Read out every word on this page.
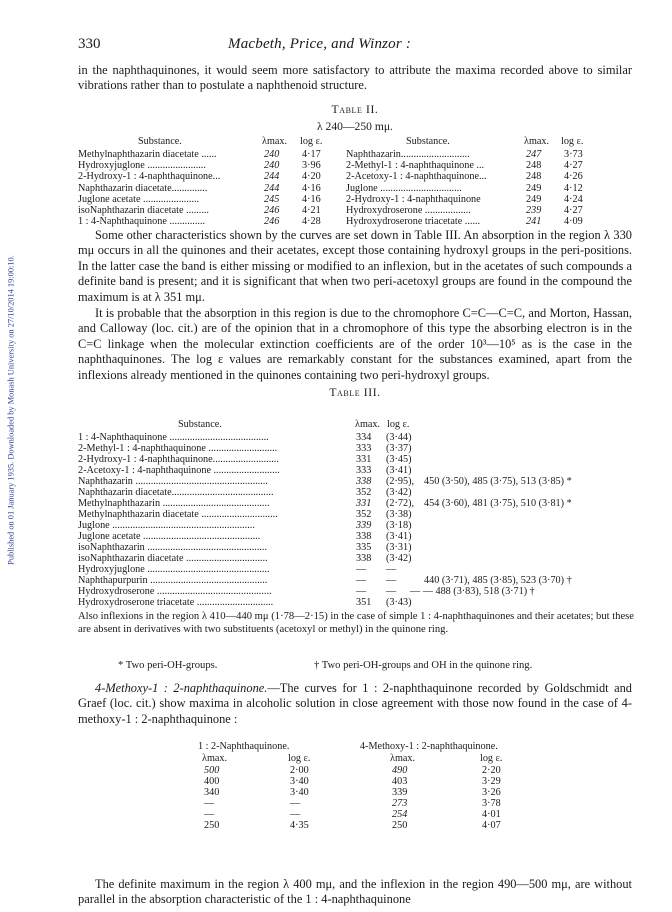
Published on 01 January 1935. Downloaded by Monash University on 27/10/2014 19:00:10.
330	Macbeth, Price, and Winzor :
in the naphthaquinones, it would seem more satisfactory to attribute the maxima recorded above to similar vibrations rather than to postulate a naphthenoid structure.
Table II.
λ 240—250 mμ.
Substance.	λmax. log ε.	Substance.	λmax. log ε.
Methylnaphthazarin diacetate ......	240 4·17 Naphthazarin...........................	247 3·73
Hydroxyjuglone .......................	240 3·96 2-Methyl-1 : 4-naphthaquinone ...	248 4·27
2-Hydroxy-1 : 4-naphthaquinone...	244 4·20 2-Acetoxy-1 : 4-naphthaquinone...	248 4·26
Naphthazarin diacetate..............	244 4·16 Juglone ................................	249 4·12
Juglone acetate ......................	245 4·16 2-Hydroxy-1 : 4-naphthaquinone	249 4·24
isoNaphthazarin diacetate .........	246 4·21 Hydroxydroserone ..................	239 4·27
1 : 4-Naphthaquinone ..............	246 4·28 Hydroxydroserone triacetate ......	241 4·09
Some other characteristics shown by the curves are set down in Table III. An absorption in the region λ 330 mμ occurs in all the quinones and their acetates, except those containing hydroxyl groups in the peri-positions. In the latter case the band is either missing or modified to an inflexion, but in the acetates of such compounds a definite band is present; and it is significant that when two peri-acetoxyl groups are found in the compound the maximum is at λ 351 mμ.
It is probable that the absorption in this region is due to the chromophore C=C—C=C, and Morton, Hassan, and Calloway (loc. cit.) are of the opinion that in a chromophore of this type the absorbing electron is in the C=C linkage when the molecular extinction coefficients are of the order 10³—10⁵ as is the case in the naphthaquinones. The log ε values are remarkably constant for the substances examined, apart from the inflexions already mentioned in the quinones containing two peri-hydroxyl groups.
Table III.
Substance.	λmax. log ε.
1 : 4-Naphthaquinone .......................................	334 (3·44)
2-Methyl-1 : 4-naphthaquinone ...........................	333 (3·37)
2-Hydroxy-1 : 4-naphthaquinone..........................	331 (3·45)
2-Acetoxy-1 : 4-naphthaquinone ..........................	333 (3·41)
Naphthazarin ....................................................	338 (2·95), 450 (3·50), 485 (3·75), 513 (3·85) *
Naphthazarin diacetate........................................	352 (3·42)
Methylnaphthazarin ..........................................	331 (2·72), 454 (3·60), 481 (3·75), 510 (3·81) *
Methylnaphthazarin diacetate ..............................	352 (3·38)
Juglone ........................................................	339 (3·18)
Juglone acetate ..............................................	338 (3·41)
isoNaphthazarin ...............................................	335 (3·31)
isoNaphthazarin diacetate ................................	338 (3·42)
Hydroxyjuglone ................................................	— —
Naphthapurpurin ..............................................	— —	440 (3·71), 485 (3·85), 523 (3·70) †
Hydroxydroserone .............................................	— — — — 488 (3·83), 518 (3·71) †
Hydroxydroserone triacetate ..............................	351 (3·43)
Also inflexions in the region λ 410—440 mμ (1·78—2·15) in the case of simple 1 : 4-naphthaquinones and their acetates; but these are absent in derivatives with two substituents (acetoxyl or methyl) in the quinone ring.
* Two peri-OH-groups.	† Two peri-OH-groups and OH in the quinone ring.
4-Methoxy-1 : 2-naphthaquinone.—The curves for 1 : 2-naphthaquinone recorded by Goldschmidt and Graef (loc. cit.) show maxima in alcoholic solution in close agreement with those now found in the case of 4-methoxy-1 : 2-naphthaquinone :
1 : 2-Naphthaquinone.	4-Methoxy-1 : 2-naphthaquinone.
λmax.	log ε.	λmax.	log ε.
500	2·00	490	2·20
400	3·40	403	3·29
340	3·40	339	3·26
—	—	273	3·78
—	—	254	4·01
250	4·35	250	4·07
The definite maximum in the region λ 400 mμ, and the inflexion in the region 490—500 mμ, are without parallel in the absorption characteristic of the 1 : 4-naphthaquinone
